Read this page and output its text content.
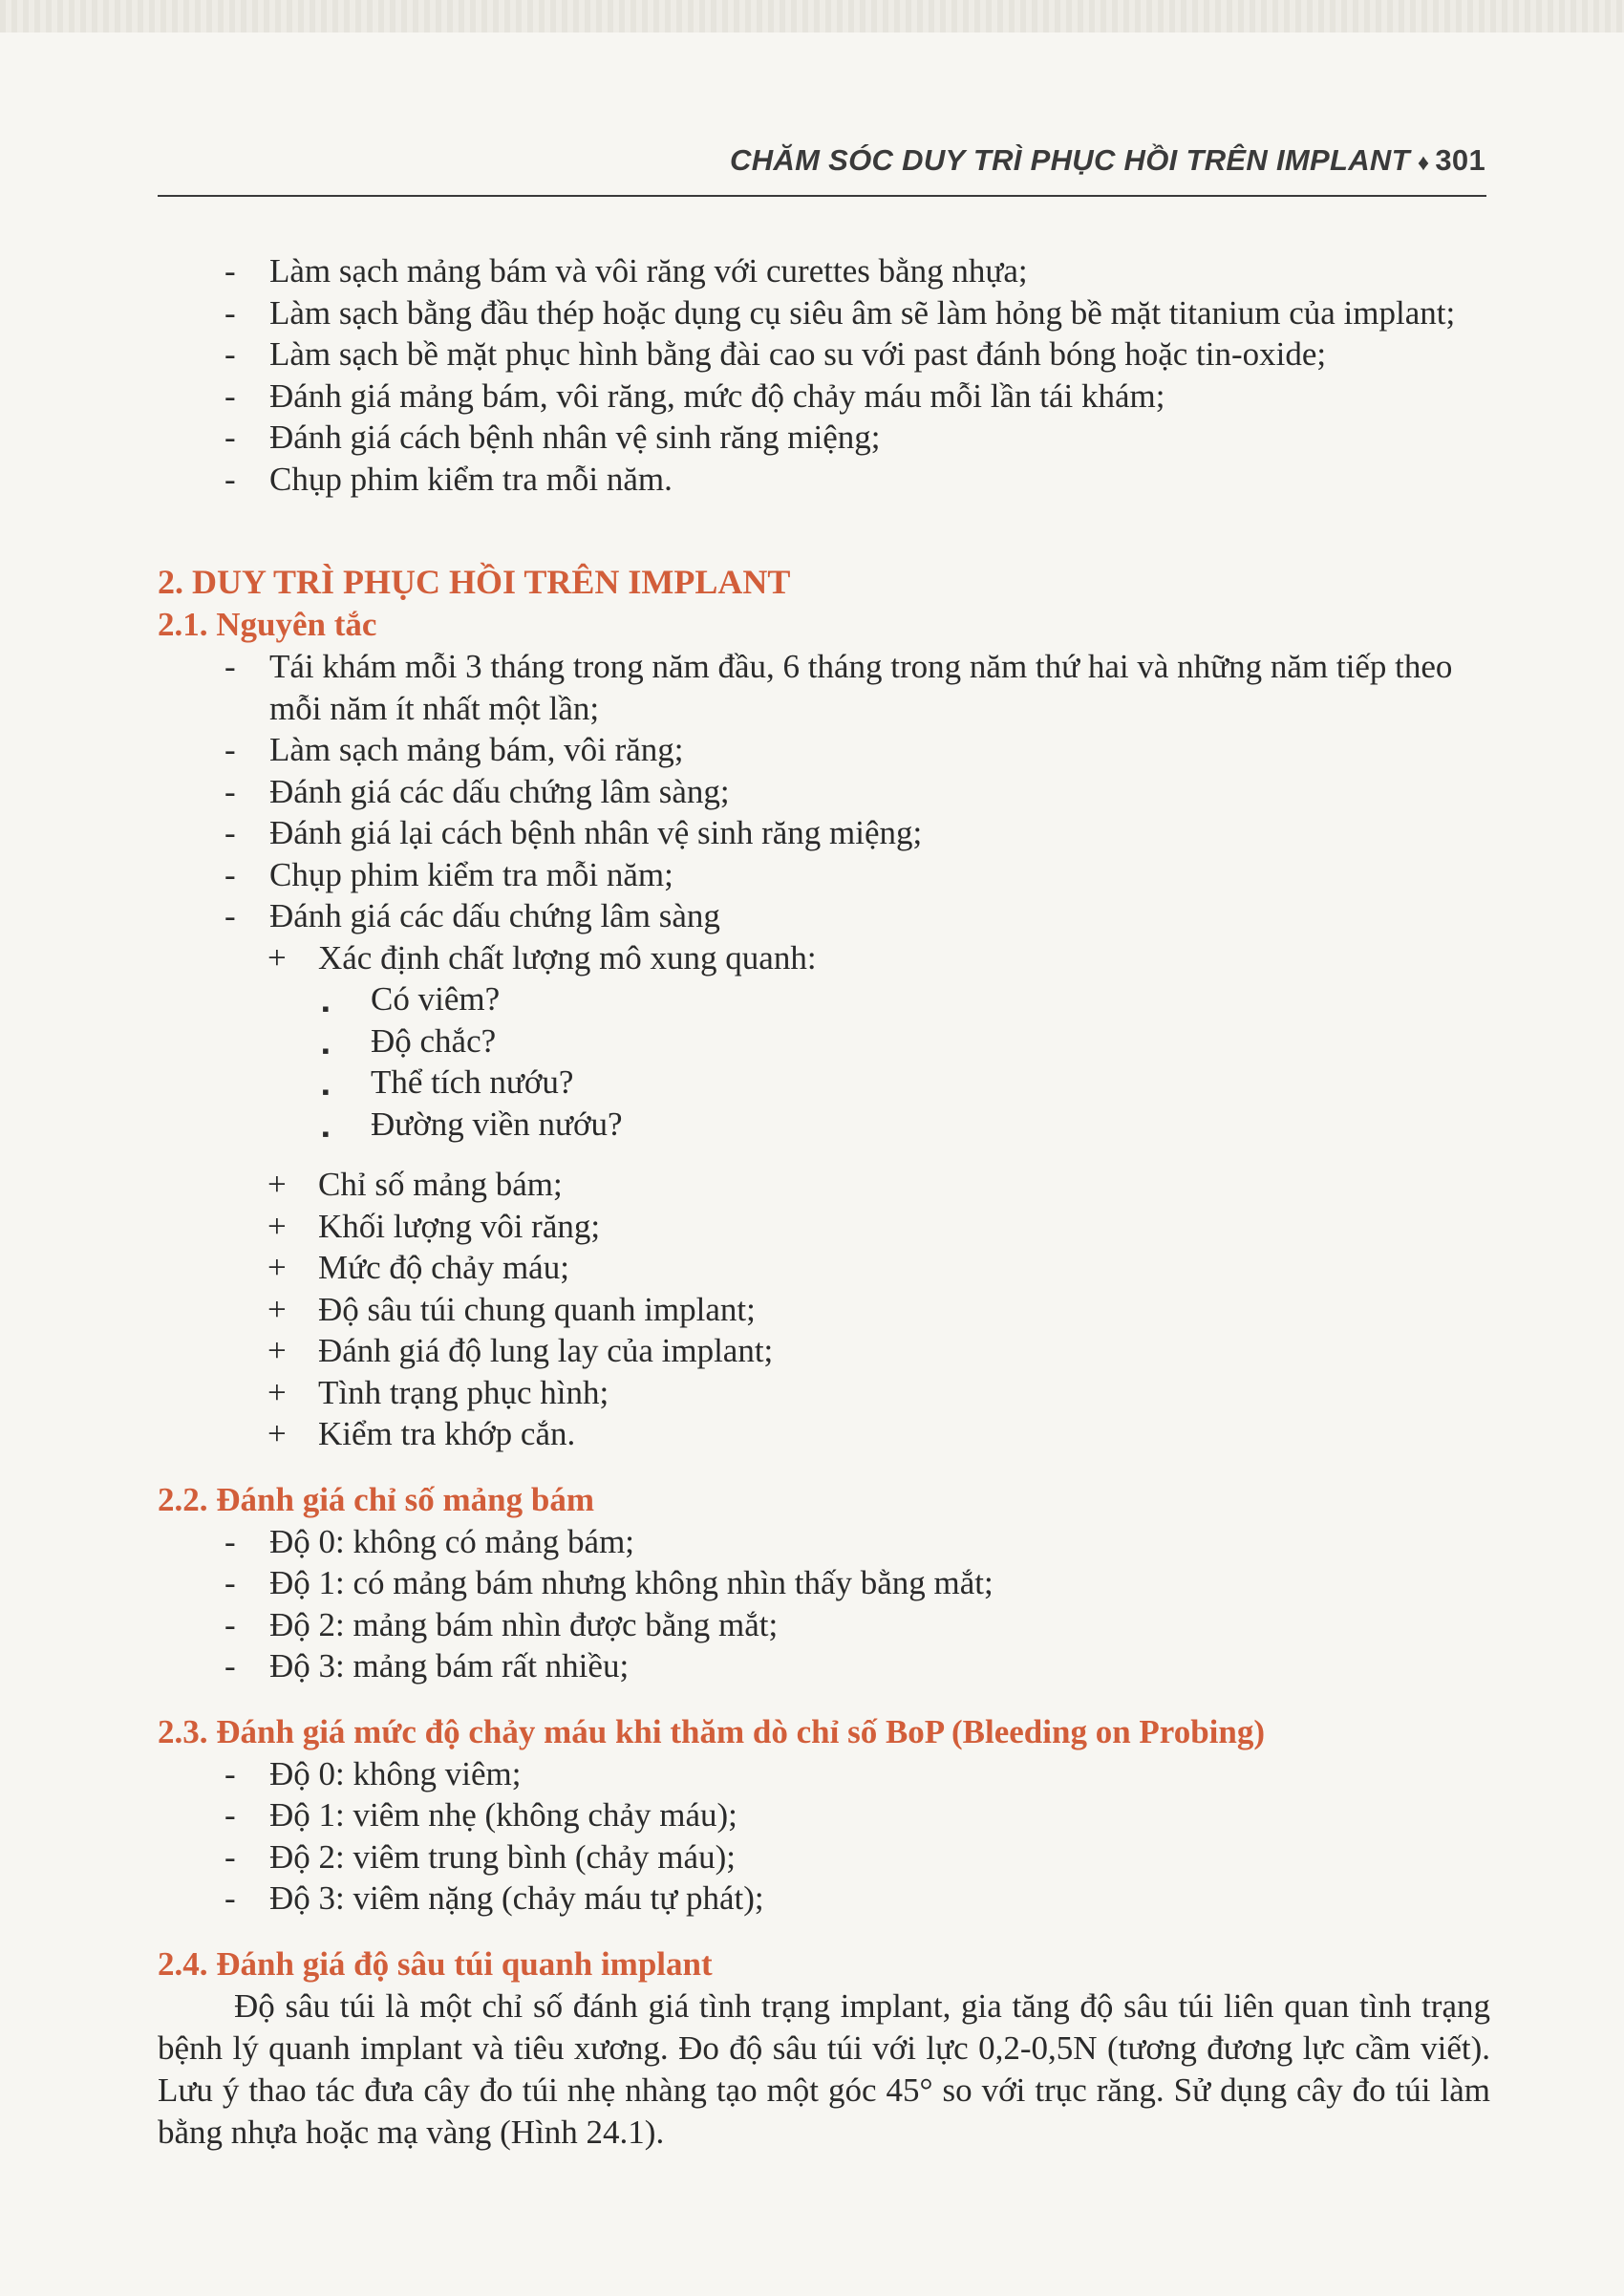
CHĂM SÓC DUY TRÌ PHỤC HỒI TRÊN IMPLANT ♦ 301
- Làm sạch mảng bám và vôi răng với curettes bằng nhựa;
- Làm sạch bằng đầu thép hoặc dụng cụ siêu âm sẽ làm hỏng bề mặt titanium của implant;
- Làm sạch bề mặt phục hình bằng đài cao su với past đánh bóng hoặc tin-oxide;
- Đánh giá mảng bám, vôi răng, mức độ chảy máu mỗi lần tái khám;
- Đánh giá cách bệnh nhân vệ sinh răng miệng;
- Chụp phim kiểm tra mỗi năm.
2. DUY TRÌ PHỤC HỒI TRÊN IMPLANT
2.1. Nguyên tắc
- Tái khám mỗi 3 tháng trong năm đầu, 6 tháng trong năm thứ hai và những năm tiếp theo mỗi năm ít nhất một lần;
- Làm sạch mảng bám, vôi răng;
- Đánh giá các dấu chứng lâm sàng;
- Đánh giá lại cách bệnh nhân vệ sinh răng miệng;
- Chụp phim kiểm tra mỗi năm;
- Đánh giá các dấu chứng lâm sàng
+ Xác định chất lượng mô xung quanh:
▪ Có viêm?
▪ Độ chắc?
▪ Thể tích nướu?
▪ Đường viền nướu?
+ Chỉ số mảng bám;
+ Khối lượng vôi răng;
+ Mức độ chảy máu;
+ Độ sâu túi chung quanh implant;
+ Đánh giá độ lung lay của implant;
+ Tình trạng phục hình;
+ Kiểm tra khớp cắn.
2.2. Đánh giá chỉ số mảng bám
- Độ 0: không có mảng bám;
- Độ 1: có mảng bám nhưng không nhìn thấy bằng mắt;
- Độ 2: mảng bám nhìn được bằng mắt;
- Độ 3: mảng bám rất nhiều;
2.3. Đánh giá mức độ chảy máu khi thăm dò chỉ số BoP (Bleeding on Probing)
- Độ 0: không viêm;
- Độ 1: viêm nhẹ (không chảy máu);
- Độ 2: viêm trung bình (chảy máu);
- Độ 3: viêm nặng (chảy máu tự phát);
2.4. Đánh giá độ sâu túi quanh implant
Độ sâu túi là một chỉ số đánh giá tình trạng implant, gia tăng độ sâu túi liên quan tình trạng bệnh lý quanh implant và tiêu xương. Đo độ sâu túi với lực 0,2-0,5N (tương đương lực cầm viết). Lưu ý thao tác đưa cây đo túi nhẹ nhàng tạo một góc 45° so với trục răng. Sử dụng cây đo túi làm bằng nhựa hoặc mạ vàng (Hình 24.1).
